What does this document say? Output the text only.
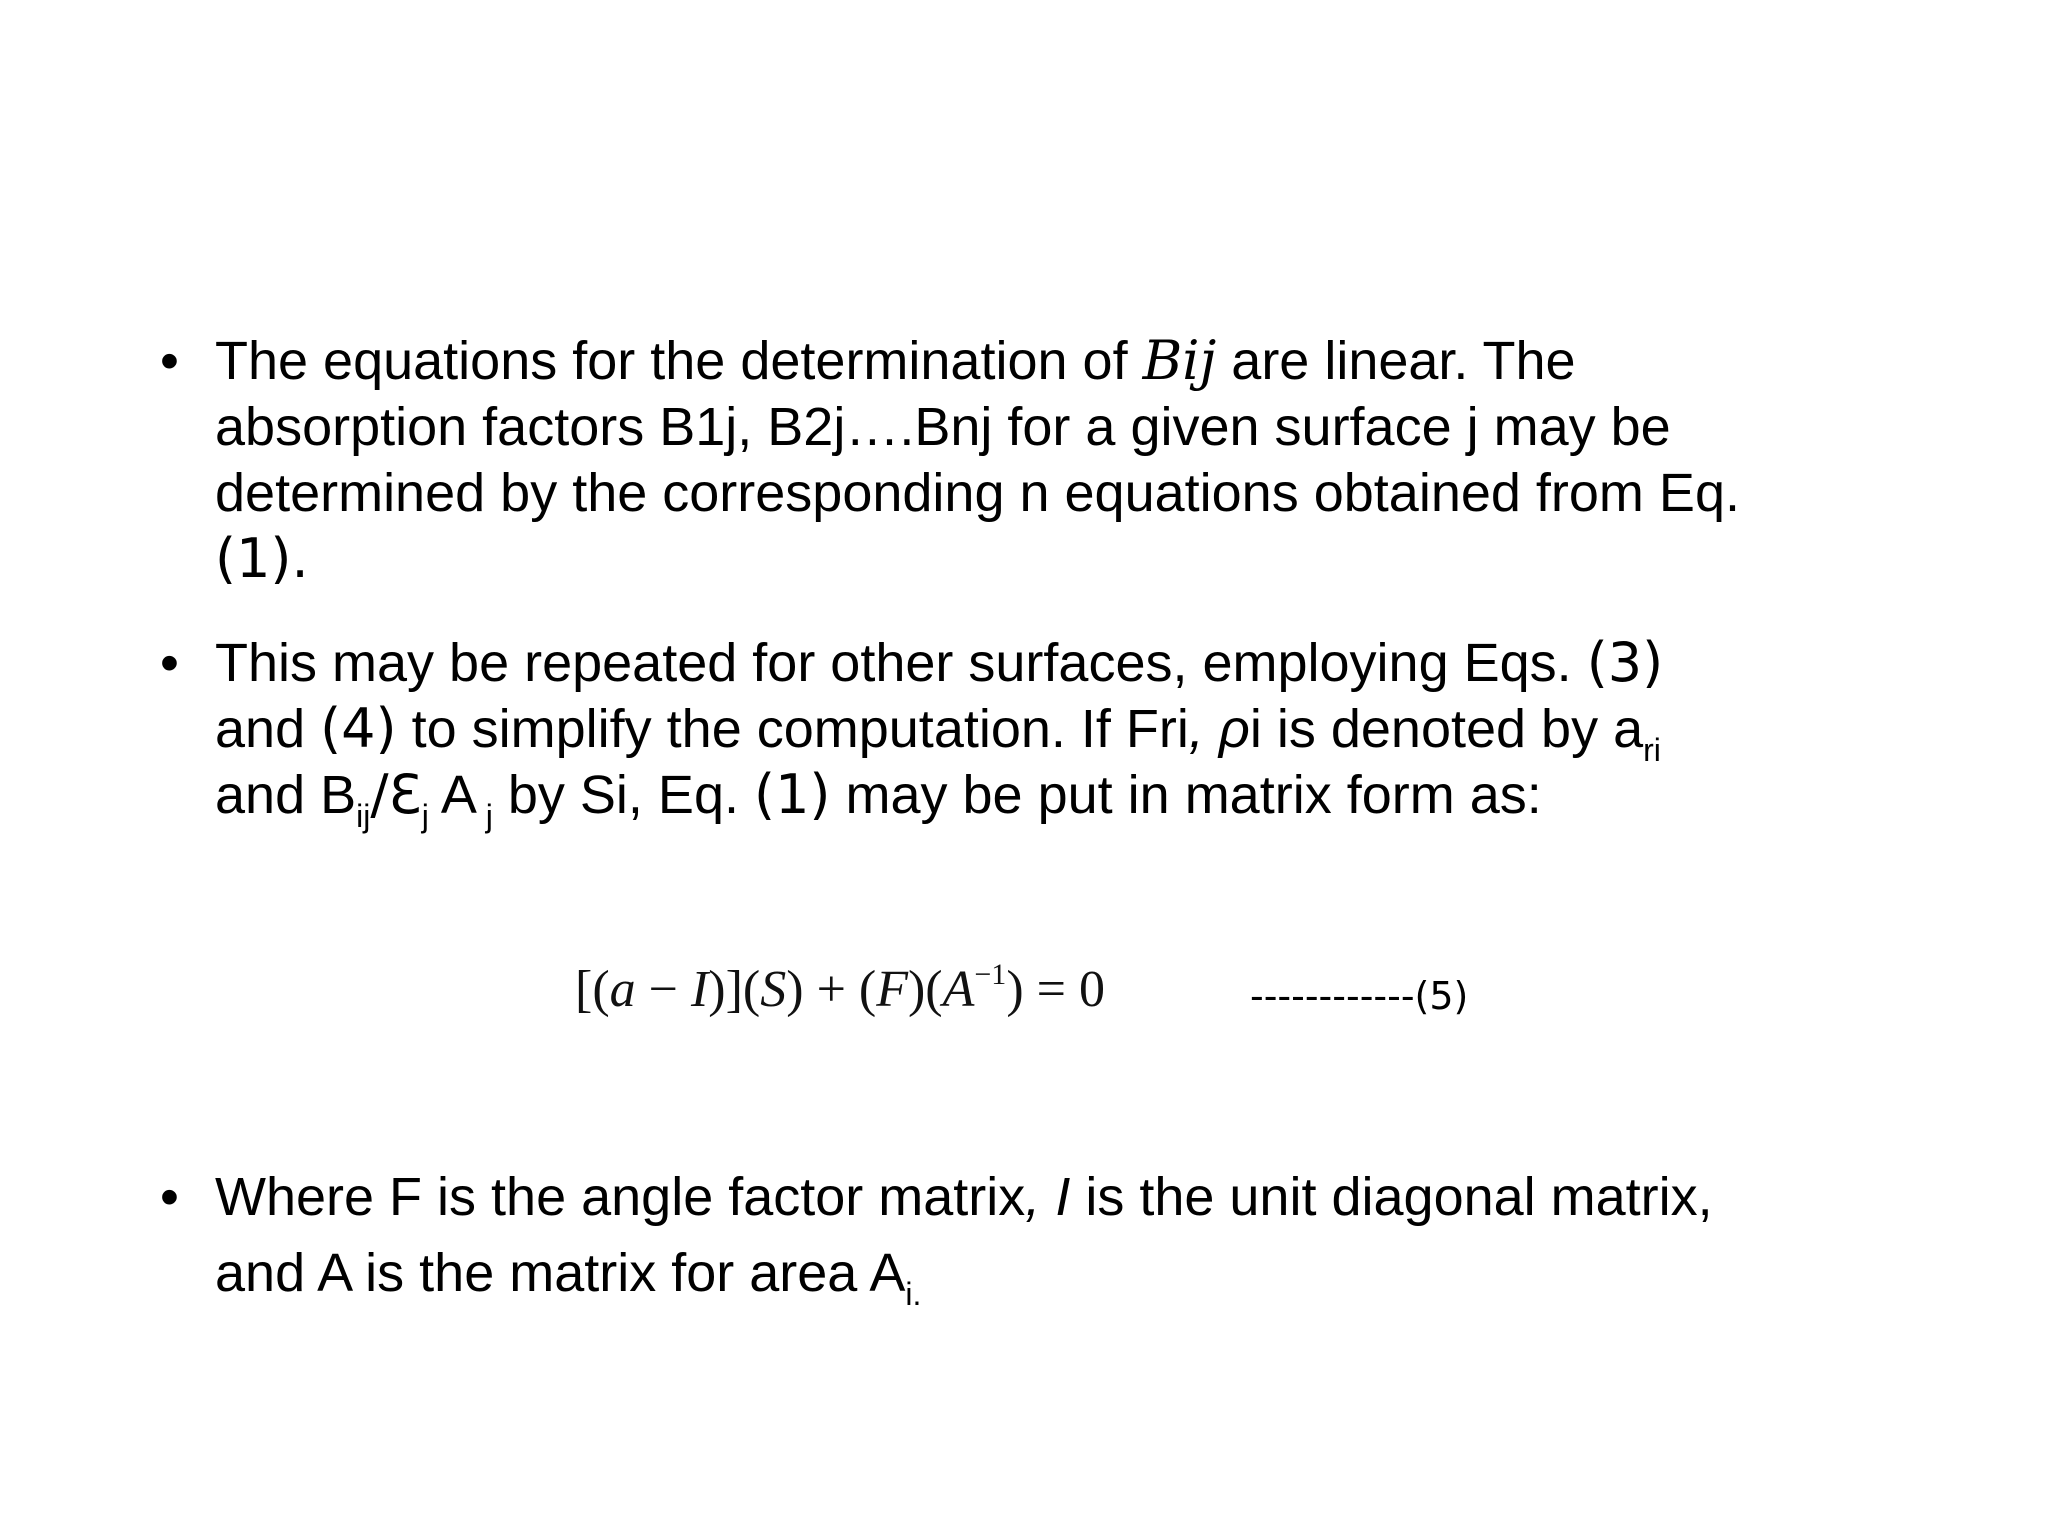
• The equations for the determination of Bij are linear. The
absorption factors B1j, B2j….Bnj for a given surface j may be
determined by the corresponding n equations obtained from Eq.
(1).
• This may be repeated for other surfaces, employing Eqs. (3)
and (4) to simplify the computation. If Fri, ρi is denoted by $a_{ri}$
and $B_{ij}/Ɛ_j$ A $_j$ by Si, Eq. (1) may be put in matrix form as:
$[(a - I)](S) + (F)(A^{-1}) = 0$	------------(5)
• Where F is the angle factor matrix, I is the unit diagonal matrix,
and A is the matrix for area $A_{i.}$
